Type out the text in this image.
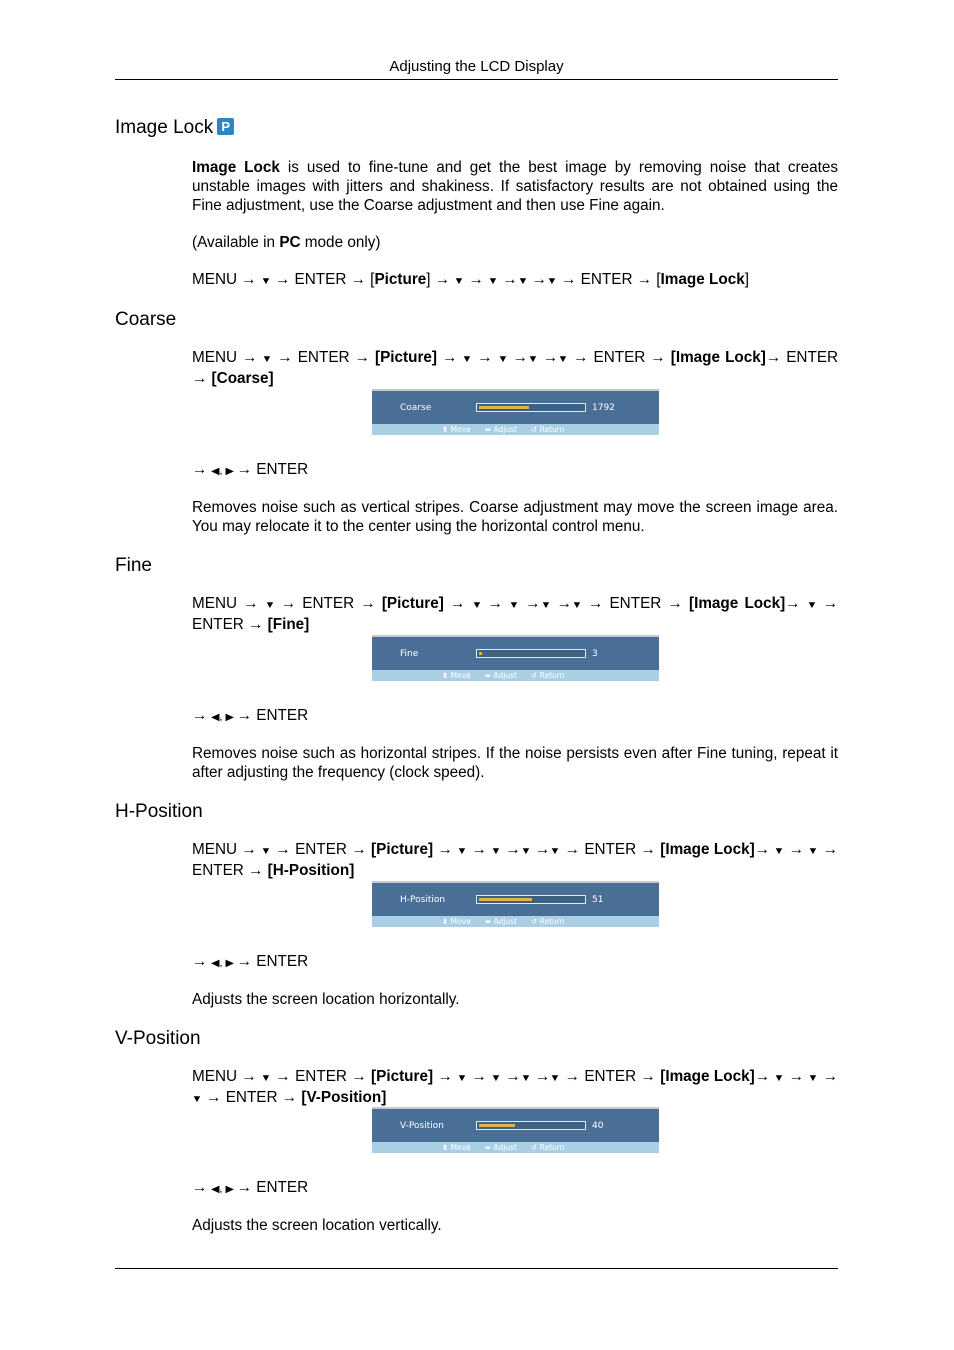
Adjusting the LCD Display
Image Lock P
Image Lock is used to fine-tune and get the best image by removing noise that creates unstable images with jitters and shakiness. If satisfactory results are not obtained using the Fine adjustment, use the Coarse adjustment and then use Fine again.
(Available in PC mode only)
MENU → ▼ → ENTER → [Picture] → ▼ → ▼ →▼ →▼ → ENTER → [Image Lock]
Coarse
MENU → ▼ → ENTER → [Picture] → ▼ → ▼ →▼ →▼ → ENTER → [Image Lock]→ ENTER → [Coarse]
Coarse	1792
⬍ Move ⬌ Adjust ↺ Return
→ ◀, ▶ → ENTER
Removes noise such as vertical stripes. Coarse adjustment may move the screen image area. You may relocate it to the center using the horizontal control menu.
Fine
MENU → ▼ → ENTER → [Picture] → ▼ → ▼ →▼ →▼ → ENTER → [Image Lock]→ ▼ → ENTER → [Fine]
Fine	3
⬍ Move ⬌ Adjust ↺ Return
→ ◀, ▶ → ENTER
Removes noise such as horizontal stripes. If the noise persists even after Fine tuning, repeat it after adjusting the frequency (clock speed).
H-Position
MENU → ▼ → ENTER → [Picture] → ▼ → ▼ →▼ →▼ → ENTER → [Image Lock]→ ▼ → ▼ → ENTER → [H-Position]
H-Position	51
⬍ Move ⬌ Adjust ↺ Return
→ ◀, ▶ → ENTER
Adjusts the screen location horizontally.
V-Position
MENU → ▼ → ENTER → [Picture] → ▼ → ▼ →▼ →▼ → ENTER → [Image Lock]→ ▼ → ▼ → ▼ → ENTER → [V-Position]
V-Position	40
⬍ Move ⬌ Adjust ↺ Return
→ ◀, ▶ → ENTER
Adjusts the screen location vertically.
